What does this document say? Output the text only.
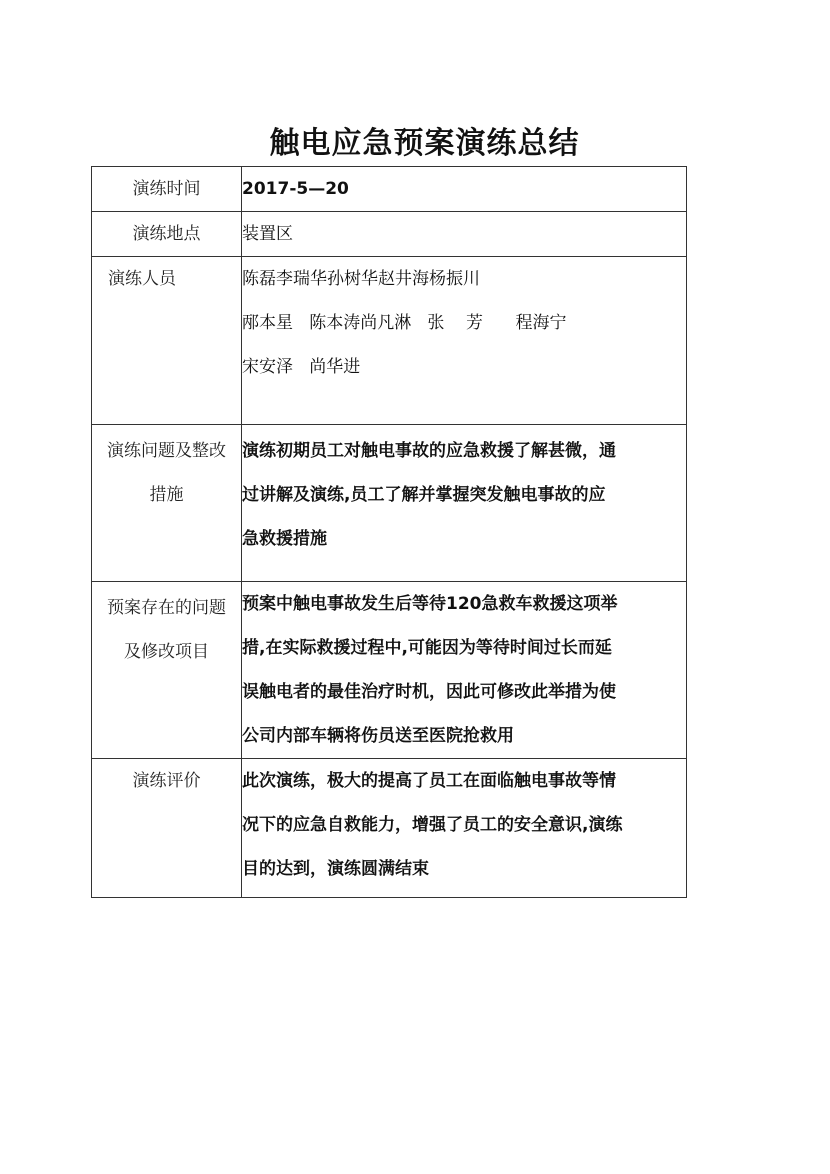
触电应急预案演练总结
演练时间	2017-5—20
演练地点	装置区
演练人员	陈磊李瑞华孙树华赵井海杨振川
邴本星   陈本涛尚凡淋   张    芳      程海宁
宋安泽   尚华进

演练问题及整改
措施	演练初期员工对触电事故的应急救援了解甚微，通
过讲解及演练,员工了解并掌握突发触电事故的应
急救援措施

预案存在的问题
及修改项目	预案中触电事故发生后等待120急救车救援这项举
措,在实际救援过程中,可能因为等待时间过长而延
误触电者的最佳治疗时机，因此可修改此举措为使
公司内部车辆将伤员送至医院抢救用

演练评价	此次演练，极大的提高了员工在面临触电事故等情
况下的应急自救能力，增强了员工的安全意识,演练
目的达到，演练圆满结束
